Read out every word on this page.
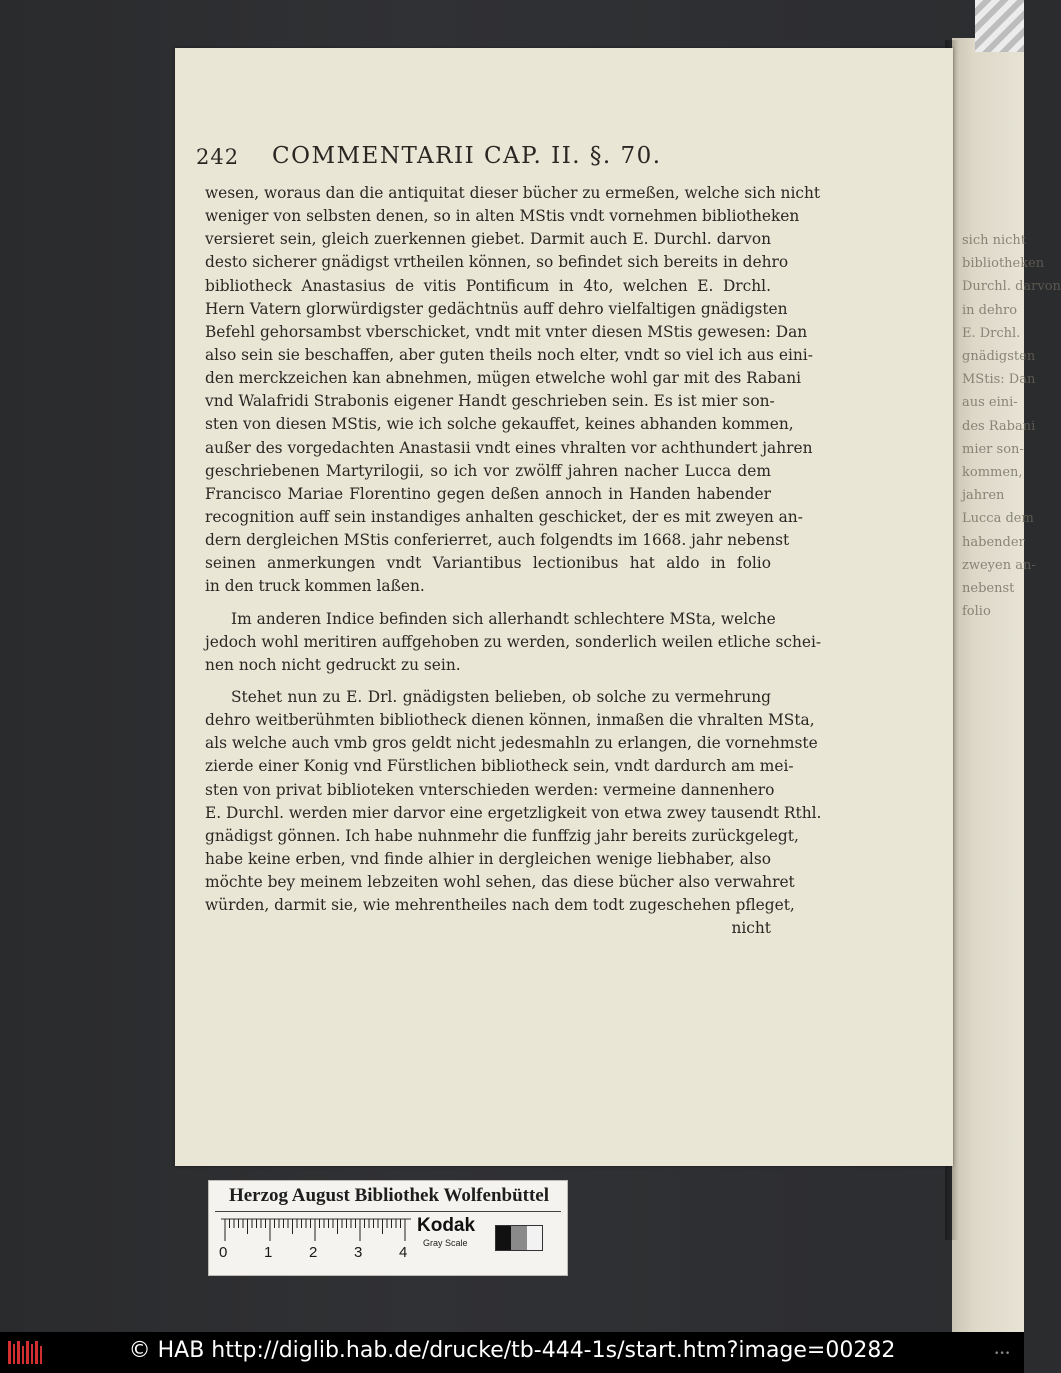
sich nicht
bibliotheken
Durchl. darvon
in dehro
E. Drchl.
gnädigsten
MStis: Dan
aus eini-
des Rabani
mier son-
kommen,
jahren
Lucca dem
habender
zweyen an-
nebenst
folio
242 COMMENTARII CAP. II. §. 70.
wesen, woraus dan die antiquitat dieser bücher zu ermeßen, welche sich nicht
weniger von selbsten denen, so in alten MStis vndt vornehmen bibliotheken
versieret sein, gleich zuerkennen giebet. Darmit auch E. Durchl. darvon
desto sicherer gnädigst vrtheilen können, so befindet sich bereits in dehro
bibliotheck Anastasius de vitis Pontificum in 4to, welchen E. Drchl.
Hern Vatern glorwürdigster gedächtnüs auff dehro vielfaltigen gnädigsten
Befehl gehorsambst vberschicket, vndt mit vnter diesen MStis gewesen: Dan
also sein sie beschaffen, aber guten theils noch elter, vndt so viel ich aus eini-
den merckzeichen kan abnehmen, mügen etwelche wohl gar mit des Rabani
vnd Walafridi Strabonis eigener Handt geschrieben sein. Es ist mier son-
sten von diesen MStis, wie ich solche gekauffet, keines abhanden kommen,
außer des vorgedachten Anastasii vndt eines vhralten vor achthundert jahren
geschriebenen Martyrilogii, so ich vor zwölff jahren nacher Lucca dem
Francisco Mariae Florentino gegen deßen annoch in Handen habender
recognition auff sein instandiges anhalten geschicket, der es mit zweyen an-
dern dergleichen MStis conferierret, auch folgendts im 1668. jahr nebenst
seinen anmerkungen vndt Variantibus lectionibus hat aldo in folio
in den truck kommen laßen.
Im anderen Indice befinden sich allerhandt schlechtere MSta, welche
jedoch wohl meritiren auffgehoben zu werden, sonderlich weilen etliche schei-
nen noch nicht gedruckt zu sein.
Stehet nun zu E. Drl. gnädigsten belieben, ob solche zu vermehrung
dehro weitberühmten bibliotheck dienen können, inmaßen die vhralten MSta,
als welche auch vmb gros geldt nicht jedesmahln zu erlangen, die vornehmste
zierde einer Konig vnd Fürstlichen bibliotheck sein, vndt dardurch am mei-
sten von privat biblioteken vnterschieden werden: vermeine dannenhero
E. Durchl. werden mier darvor eine ergetzligkeit von etwa zwey tausendt Rthl.
gnädigst gönnen. Ich habe nuhnmehr die funffzig jahr bereits zurückgelegt,
habe keine erben, vnd finde alhier in dergleichen wenige liebhaber, also
möchte bey meinem lebzeiten wohl sehen, das diese bücher also verwahret
würden, darmit sie, wie mehrentheiles nach dem todt zugeschehen pfleget,
nicht
Herzog August Bibliothek Wolfenbüttel
0 1 2 3 4
Kodak
Gray Scale
© HAB http://diglib.hab.de/drucke/tb-444-1s/start.htm?image=00282	•••
